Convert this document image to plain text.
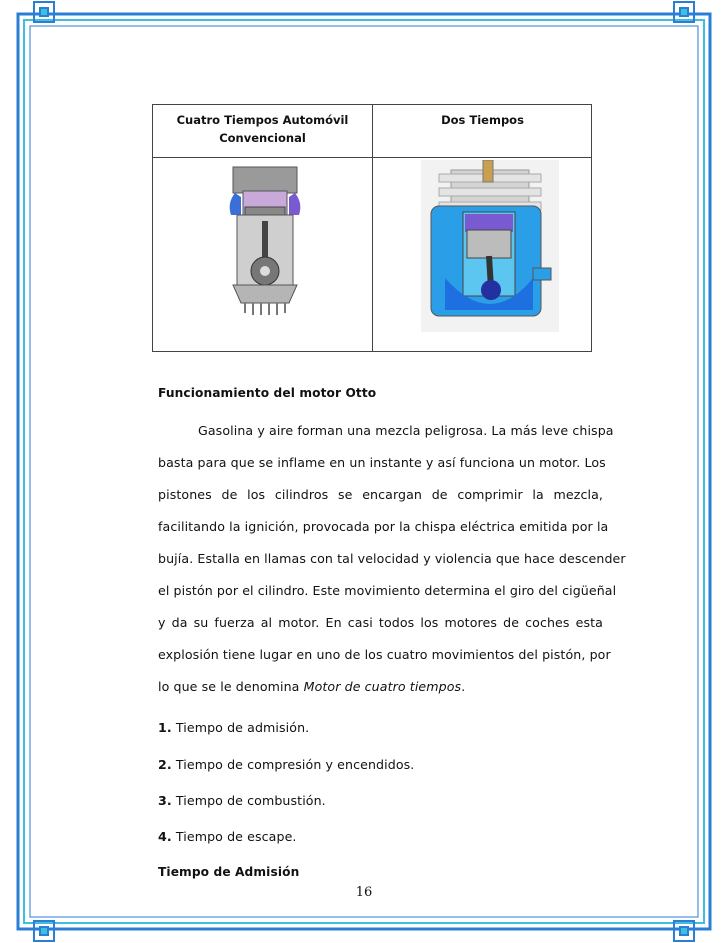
Cuatro Tiempos Automóvil
Convencional
Dos Tiempos
Funcionamiento del motor Otto
Gasolina y aire forman una mezcla peligrosa. La más leve chispa
basta para que se inflame en un instante y así funciona un motor. Los
pistones de los cilindros se encargan de comprimir la mezcla,
facilitando la ignición, provocada por la chispa eléctrica emitida por la
bujía. Estalla en llamas con tal velocidad y violencia que hace descender
el pistón por el cilindro. Este movimiento determina el giro del cigüeñal
y da su fuerza al motor. En casi todos los motores de coches esta
explosión tiene lugar en uno de los cuatro movimientos del pistón, por
lo que se le denomina Motor de cuatro tiempos.
1. Tiempo de admisión.
2. Tiempo de compresión y encendidos.
3. Tiempo de combustión.
4. Tiempo de escape.
Tiempo de Admisión
16
